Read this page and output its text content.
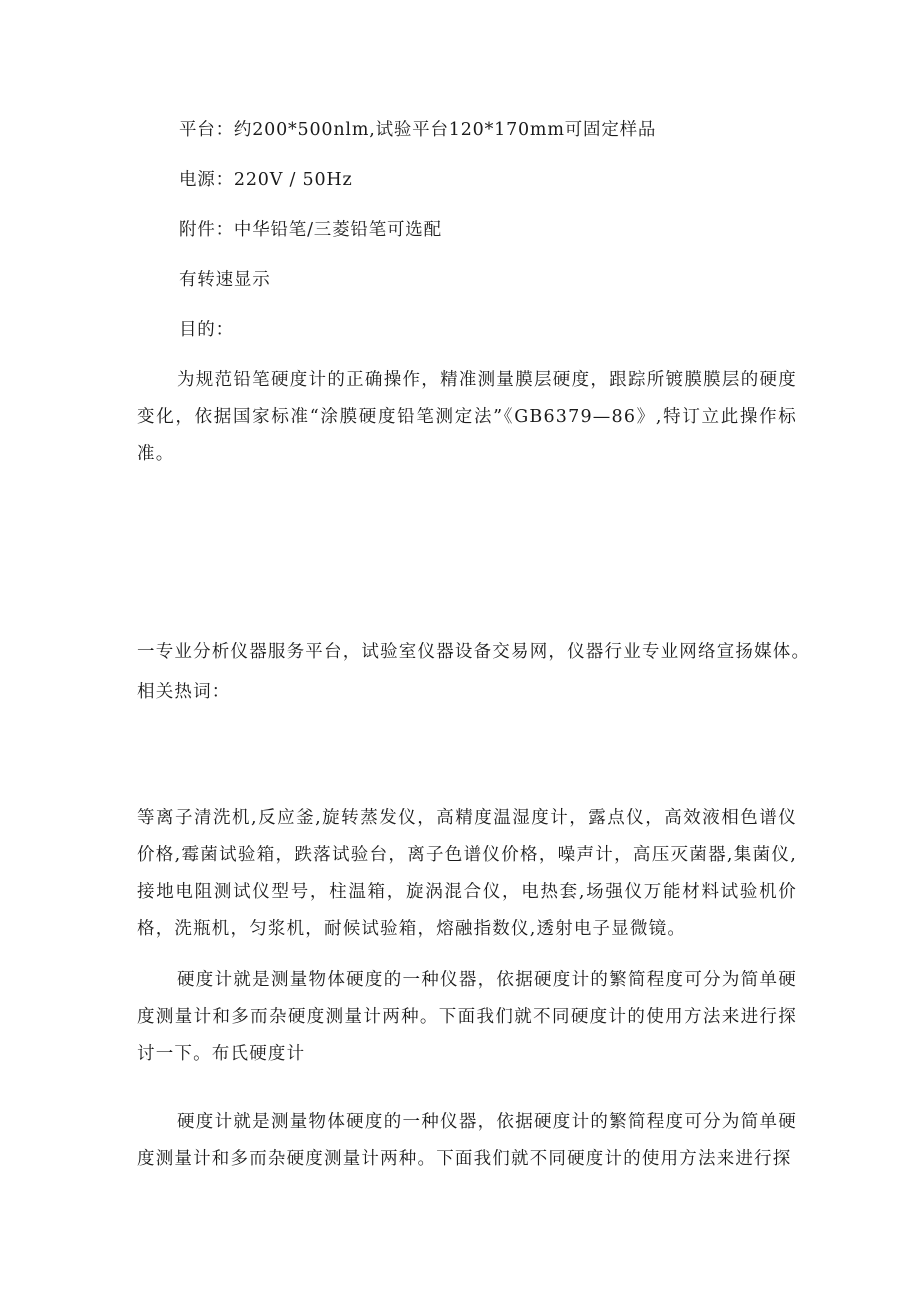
平台：约200*500nlm,试验平台120*170mm可固定样品
电源：220V / 50Hz
附件：中华铅笔/三菱铅笔可选配
有转速显示
目的：

为规范铅笔硬度计的正确操作，精准测量膜层硬度，跟踪所镀膜膜层的硬度变化，依据国家标准“涂膜硬度铅笔测定法”《GB6379—86》,特订立此操作标准。

一专业分析仪器服务平台，试验室仪器设备交易网，仪器行业专业网络宣扬媒体。
相关热词：

等离子清洗机,反应釜,旋转蒸发仪，高精度温湿度计，露点仪，高效液相色谱仪价格,霉菌试验箱，跌落试验台，离子色谱仪价格，噪声计，高压灭菌器,集菌仪,接地电阻测试仪型号，柱温箱，旋涡混合仪，电热套,场强仪万能材料试验机价格，洗瓶机，匀浆机，耐候试验箱，熔融指数仪,透射电子显微镜。

硬度计就是测量物体硬度的一种仪器，依据硬度计的繁简程度可分为简单硬度测量计和多而杂硬度测量计两种。下面我们就不同硬度计的使用方法来进行探讨一下。布氏硬度计

硬度计就是测量物体硬度的一种仪器，依据硬度计的繁简程度可分为简单硬度测量计和多而杂硬度测量计两种。下面我们就不同硬度计的使用方法来进行探
